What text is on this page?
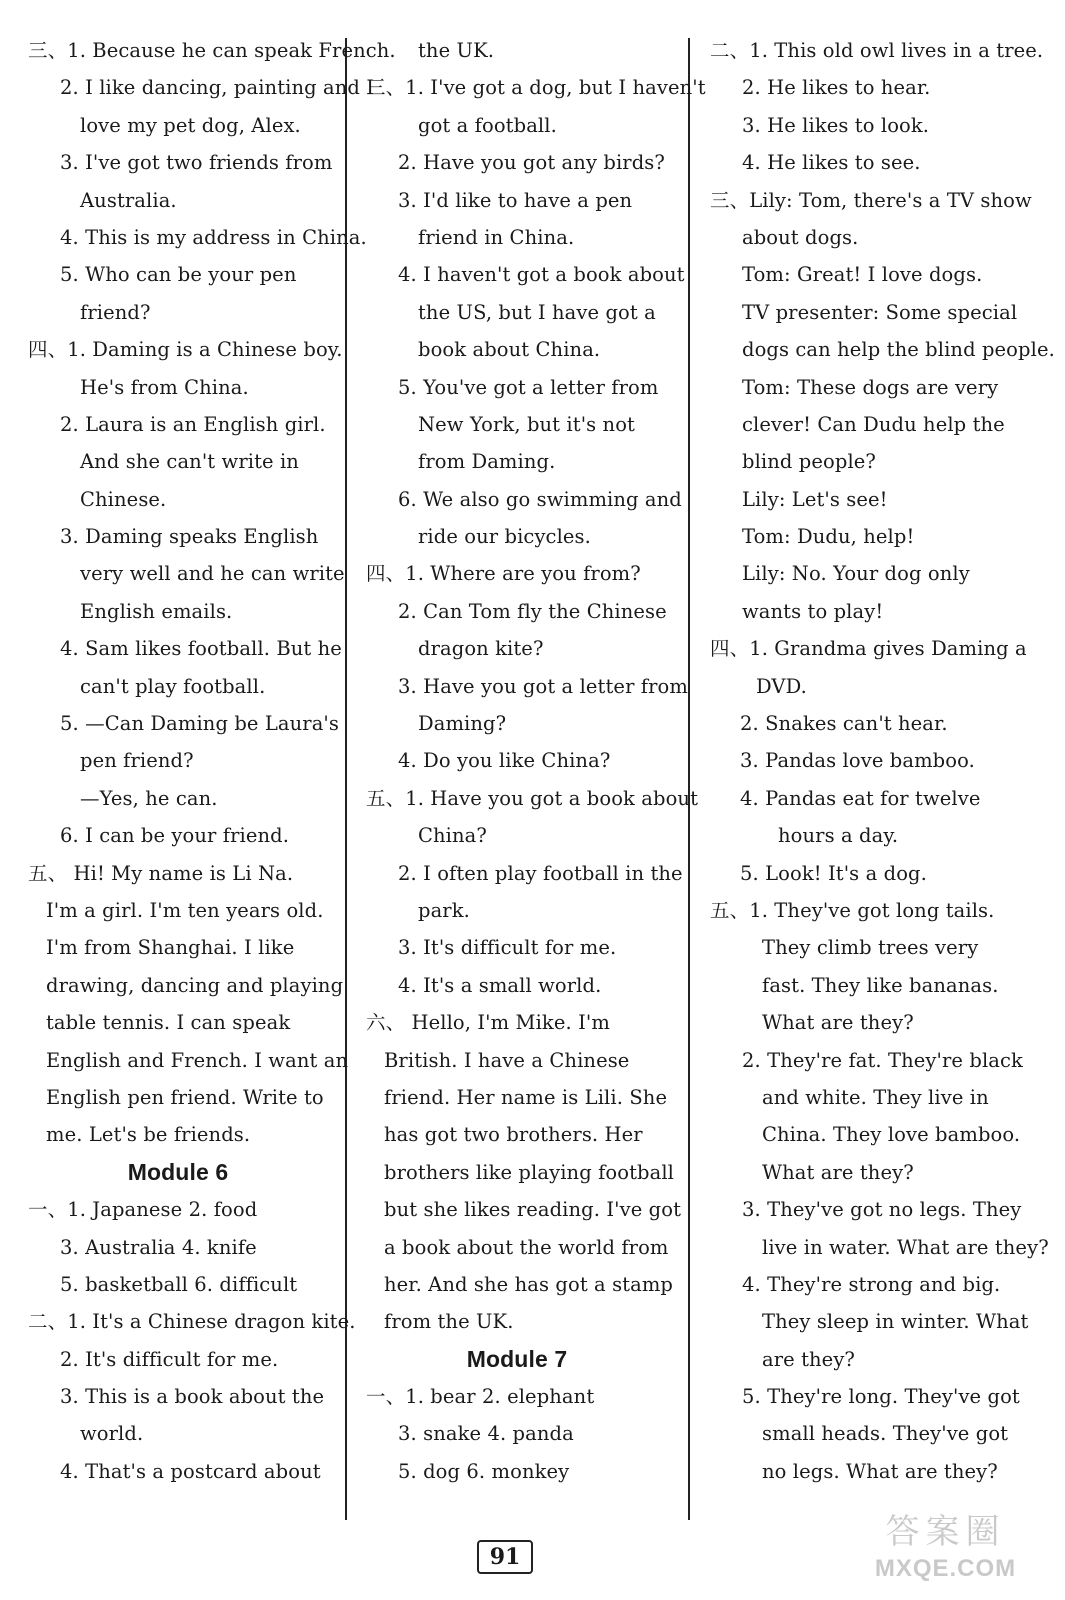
三、1. Because he can speak French.
2. I like dancing, painting and I
love my pet dog, Alex.
3. I've got two friends from
Australia.
4. This is my address in China.
5. Who can be your pen
friend?
四、1. Daming is a Chinese boy.
He's from China.
2. Laura is an English girl.
And she can't write in
Chinese.
3. Daming speaks English
very well and he can write
English emails.
4. Sam likes football. But he
can't play football.
5. —Can Daming be Laura's
pen friend?
—Yes, he can.
6. I can be your friend.
五、 Hi! My name is Li Na.
I'm a girl. I'm ten years old.
I'm from Shanghai. I like
drawing, dancing and playing
table tennis. I can speak
English and French. I want an
English pen friend. Write to
me. Let's be friends.
Module 6
一、1. Japanese 2. food
3. Australia 4. knife
5. basketball 6. difficult
二、1. It's a Chinese dragon kite.
2. It's difficult for me.
3. This is a book about the
world.
4. That's a postcard about
the UK.
三、1. I've got a dog, but I haven't
got a football.
2. Have you got any birds?
3. I'd like to have a pen
friend in China.
4. I haven't got a book about
the US, but I have got a
book about China.
5. You've got a letter from
New York, but it's not
from Daming.
6. We also go swimming and
ride our bicycles.
四、1. Where are you from?
2. Can Tom fly the Chinese
dragon kite?
3. Have you got a letter from
Daming?
4. Do you like China?
五、1. Have you got a book about
China?
2. I often play football in the
park.
3. It's difficult for me.
4. It's a small world.
六、 Hello, I'm Mike. I'm
British. I have a Chinese
friend. Her name is Lili. She
has got two brothers. Her
brothers like playing football
but she likes reading. I've got
a book about the world from
her. And she has got a stamp
from the UK.
Module 7
一、1. bear 2. elephant
3. snake 4. panda
5. dog 6. monkey
二、1. This old owl lives in a tree.
2. He likes to hear.
3. He likes to look.
4. He likes to see.
三、Lily: Tom, there's a TV show
about dogs.
Tom: Great! I love dogs.
TV presenter: Some special
dogs can help the blind people.
Tom: These dogs are very
clever! Can Dudu help the
blind people?
Lily: Let's see!
Tom: Dudu, help!
Lily: No. Your dog only
wants to play!
四、1. Grandma gives Daming a
DVD.
2. Snakes can't hear.
3. Pandas love bamboo.
4. Pandas eat for twelve
hours a day.
5. Look! It's a dog.
五、1. They've got long tails.
They climb trees very
fast. They like bananas.
What are they?
2. They're fat. They're black
and white. They live in
China. They love bamboo.
What are they?
3. They've got no legs. They
live in water. What are they?
4. They're strong and big.
They sleep in winter. What
are they?
5. They're long. They've got
small heads. They've got
no legs. What are they?
91
答案圈
MXQE.COM
